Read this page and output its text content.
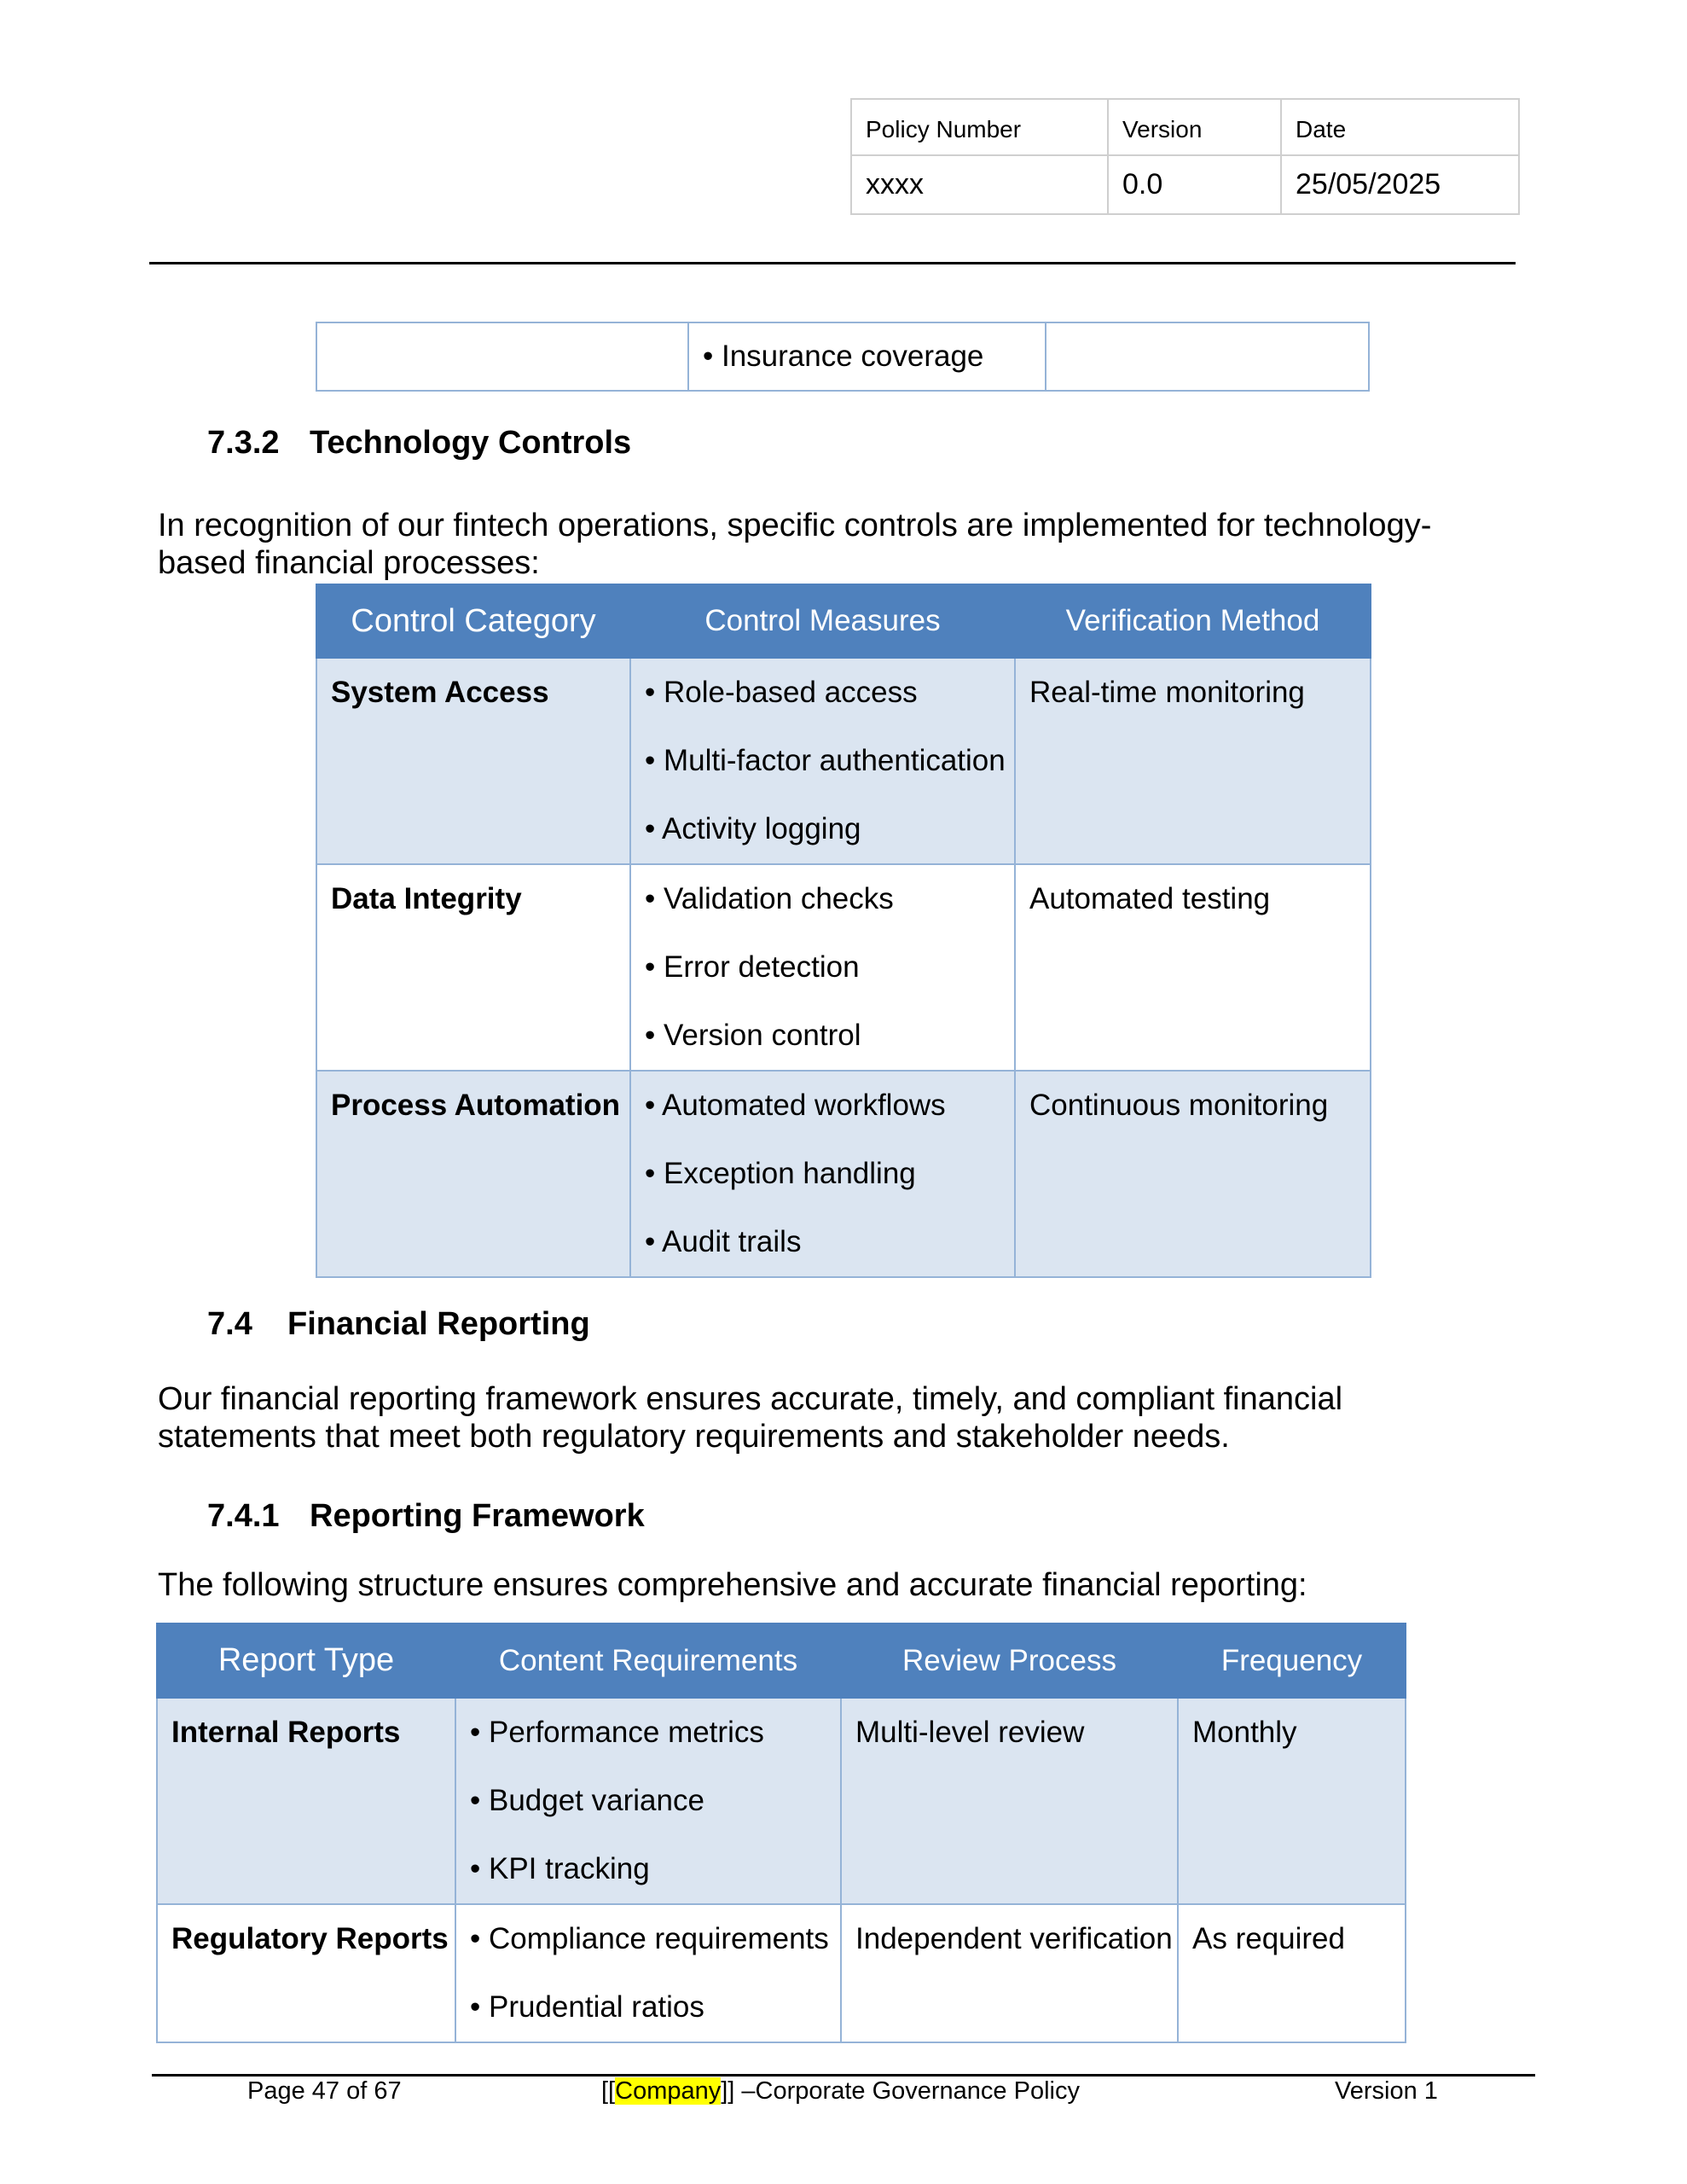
Policy Number	Version	Date
xxxx	0.0	25/05/2025
	• Insurance coverage	
7.3.2 Technology Controls
In recognition of our fintech operations, specific controls are implemented for technology-
based financial processes:
Control Category	Control Measures	Verification Method

System Access	• Role-based access
• Multi-factor authentication
• Activity logging	Real-time monitoring

Data Integrity	• Validation checks
• Error detection
• Version control	Automated testing

Process Automation	• Automated workflows
• Exception handling
• Audit trails	Continuous monitoring
7.4 Financial Reporting
Our financial reporting framework ensures accurate, timely, and compliant financial
statements that meet both regulatory requirements and stakeholder needs.
7.4.1 Reporting Framework
The following structure ensures comprehensive and accurate financial reporting:
Report Type	Content Requirements	Review Process	Frequency

Internal Reports	• Performance metrics
• Budget variance
• KPI tracking	Multi-level review	Monthly

Regulatory Reports	• Compliance requirements
• Prudential ratios	Independent verification	As required
Page 47 of 67	[[Company]] –Corporate Governance Policy	Version 1
